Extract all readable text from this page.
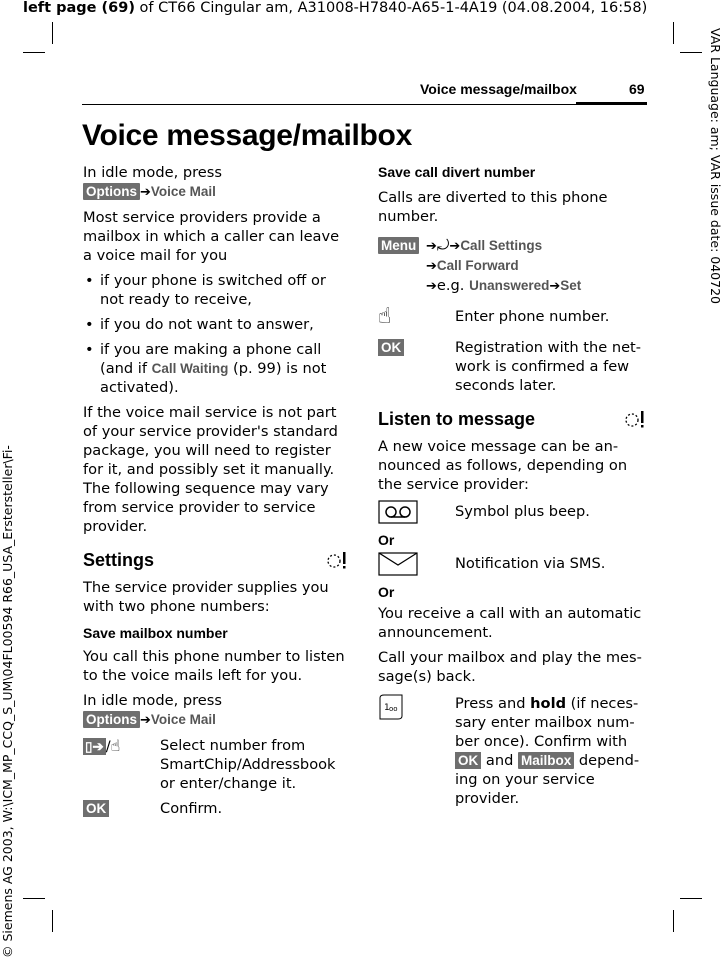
left page (69) of CT66 Cingular am, A31008-H7840-A65-1-4A19 (04.08.2004, 16:58)
VAR Language: am; VAR issue date: 040720
© Siemens AG 2003, W:\ICM_MP_CCQ_S_UM\04FL00594 R66_USA_Erstersteller\Fi-
Voice message/mailbox	69
Voice message/mailbox

In idle mode, press

Options ➔Voice Mail

Most service providers provide a mailbox in which a caller can leave a voice mail for you

• if your phone is switched off or not ready to receive,
• if you do not want to answer,
• if you are making a phone call (and if Call Waiting (p. 99) is not activated).

If the voice mail service is not part of your service provider's standard package, you will need to register for it, and possibly set it manually. The following sequence may vary from service provider to service provider.

Settings

The service provider supplies you with two phone numbers:

Save mailbox number

You call this phone number to listen to the voice mails left for you.

In idle mode, press

Options ➔Voice Mail

▯➔ /☝	Select number from SmartChip/Addressbook or enter/change it.
OK	Confirm.

Save call divert number

Calls are diverted to this phone number.

Menu ➔⤾➔Call Settings
➔Call Forward
➔e.g. Unanswered➔Set
☝	Enter phone number.
OK	Registration with the net-work is confirmed a few seconds later.
Listen to message

A new voice message can be an-nounced as follows, depending on the service provider:

Symbol plus beep.

Or

Notification via SMS.

Or

You receive a call with an automatic announcement.

Call your mailbox and play the mes-sage(s) back.

1 oo	Press and hold (if neces-sary enter mailbox num-ber once). Confirm with OK and Mailbox depend-ing on your service provider.
